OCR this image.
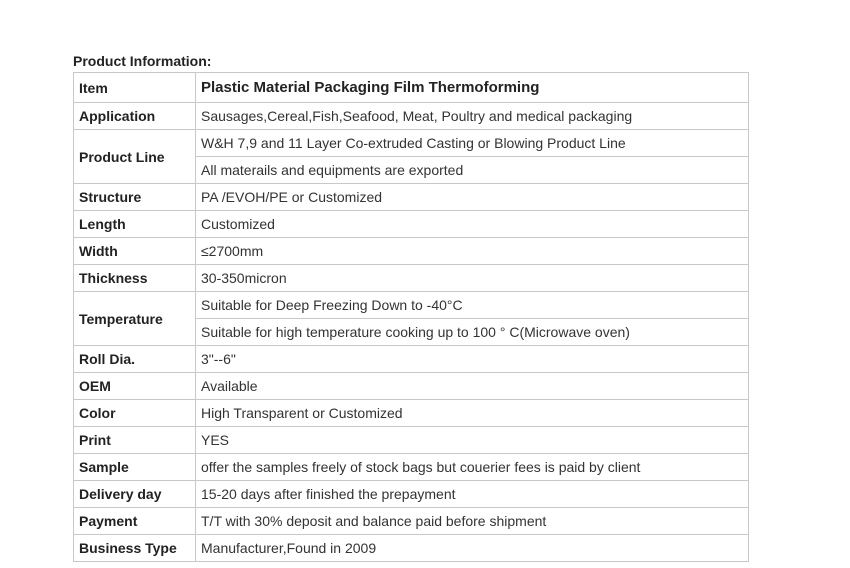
Product Information:
Item	Plastic Material Packaging Film Thermoforming
Application	Sausages,Cereal,Fish,Seafood, Meat, Poultry and medical packaging
Product Line	W&H 7,9 and 11 Layer Co-extruded Casting or Blowing Product Line
	All materails and equipments are exported
Structure	PA /EVOH/PE or Customized
Length	Customized
Width	≤2700mm
Thickness	30-350micron
Temperature	Suitable for Deep Freezing Down to -40°C
	Suitable for high temperature cooking up to 100 ° C(Microwave oven)
Roll Dia.	3"--6"
OEM	Available
Color	High Transparent or Customized
Print	YES
Sample	offer the samples freely of stock bags but couerier fees is paid by client
Delivery day	15-20 days after finished the prepayment
Payment	T/T with 30% deposit and balance paid before shipment
Business Type	Manufacturer,Found in 2009
